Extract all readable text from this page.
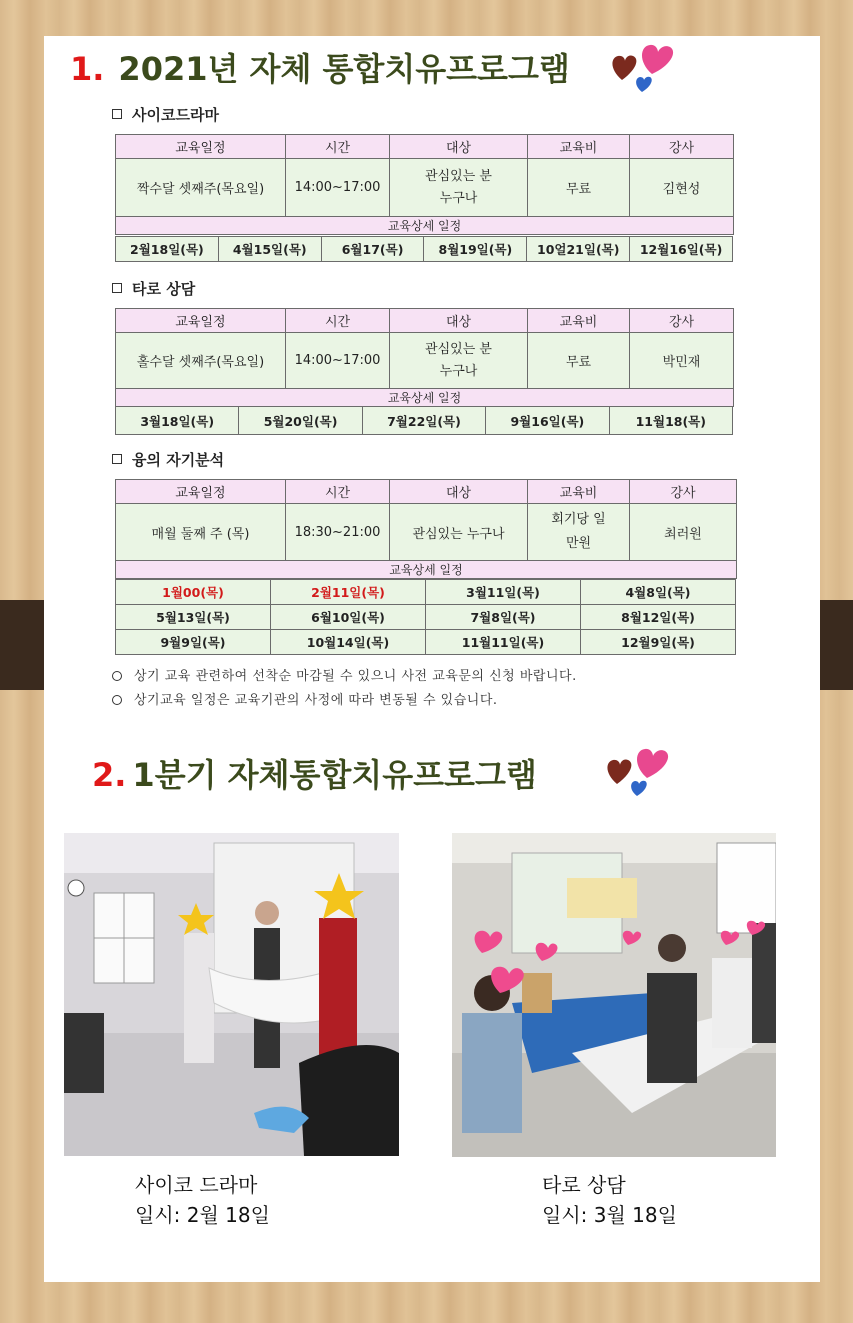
1. 2021년 자체 통합치유프로그램
사이코드라마
교육일정	시간	대상	교육비	강사
짝수달 셋째주(목요일)	14:00~17:00	관심있는 분 누구나	무료	김현성
교육상세 일정				
2월18일(목)	4월15일(목)	6월17(목)	8월19일(목)	10얼21일(목)	12월16일(목)
타로 상담
교육일정	시간	대상	교육비	강사
홀수달 셋째주(목요일)	14:00~17:00	관심있는 분 누구나	무료	박민재
교육상세 일정				
3월18일(목)	5월20일(목)	7월22일(목)	9월16일(목)	11월18(목)
융의 자기분석
교육일정	시간	대상	교육비	강사
매월 둘째 주 (목)	18:30~21:00	관심있는 누구나	회기당 일만원	최러원
교육상세 일정				
1월00(목)	2월11일(목)	3월11일(목)	4월8일(목)
5월13일(목)	6월10일(목)	7월8일(목)	8월12일(목)
9월9일(목)	10월14일(목)	11월11일(목)	12월9일(목)
상기 교육 관련하여 선착순 마감될 수 있으니 사전 교육문의 신청 바랍니다.
상기교육 일정은 교육기관의 사정에 따라 변동될 수 있습니다.
2. 1분기 자체통합치유프로그램
사이코 드라마
일시: 2월 18일
타로 상담
일시: 3월 18일
